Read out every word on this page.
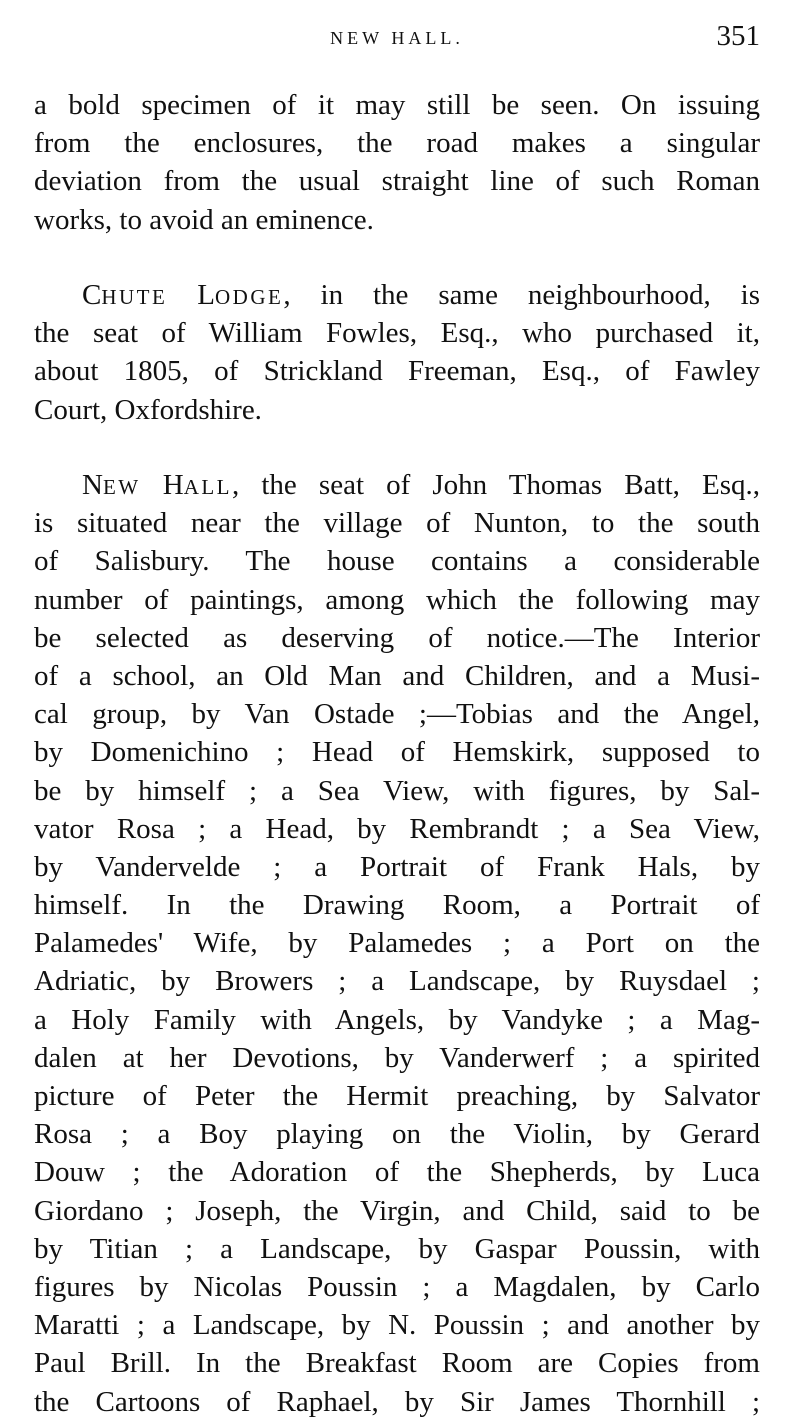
NEW HALL.	351
a bold specimen of it may still be seen. On issuing
from the enclosures, the road makes a singular
deviation from the usual straight line of such Roman
works, to avoid an eminence.
CHUTE LODGE, in the same neighbourhood, is
the seat of William Fowles, Esq., who purchased it,
about 1805, of Strickland Freeman, Esq., of Fawley
Court, Oxfordshire.
NEW HALL, the seat of John Thomas Batt, Esq.,
is situated near the village of Nunton, to the south
of Salisbury. The house contains a considerable
number of paintings, among which the following may
be selected as deserving of notice.—The Interior
of a school, an Old Man and Children, and a Musi-
cal group, by Van Ostade ;—Tobias and the Angel,
by Domenichino ; Head of Hemskirk, supposed to
be by himself ; a Sea View, with figures, by Sal-
vator Rosa ; a Head, by Rembrandt ; a Sea View,
by Vandervelde ; a Portrait of Frank Hals, by
himself. In the Drawing Room, a Portrait of
Palamedes' Wife, by Palamedes ; a Port on the
Adriatic, by Browers ; a Landscape, by Ruysdael ;
a Holy Family with Angels, by Vandyke ; a Mag-
dalen at her Devotions, by Vanderwerf ; a spirited
picture of Peter the Hermit preaching, by Salvator
Rosa ; a Boy playing on the Violin, by Gerard
Douw ; the Adoration of the Shepherds, by Luca
Giordano ; Joseph, the Virgin, and Child, said to be
by Titian ; a Landscape, by Gaspar Poussin, with
figures by Nicolas Poussin ; a Magdalen, by Carlo
Maratti ; a Landscape, by N. Poussin ; and another by
Paul Brill. In the Breakfast Room are Copies from
the Cartoons of Raphael, by Sir James Thornhill ;
